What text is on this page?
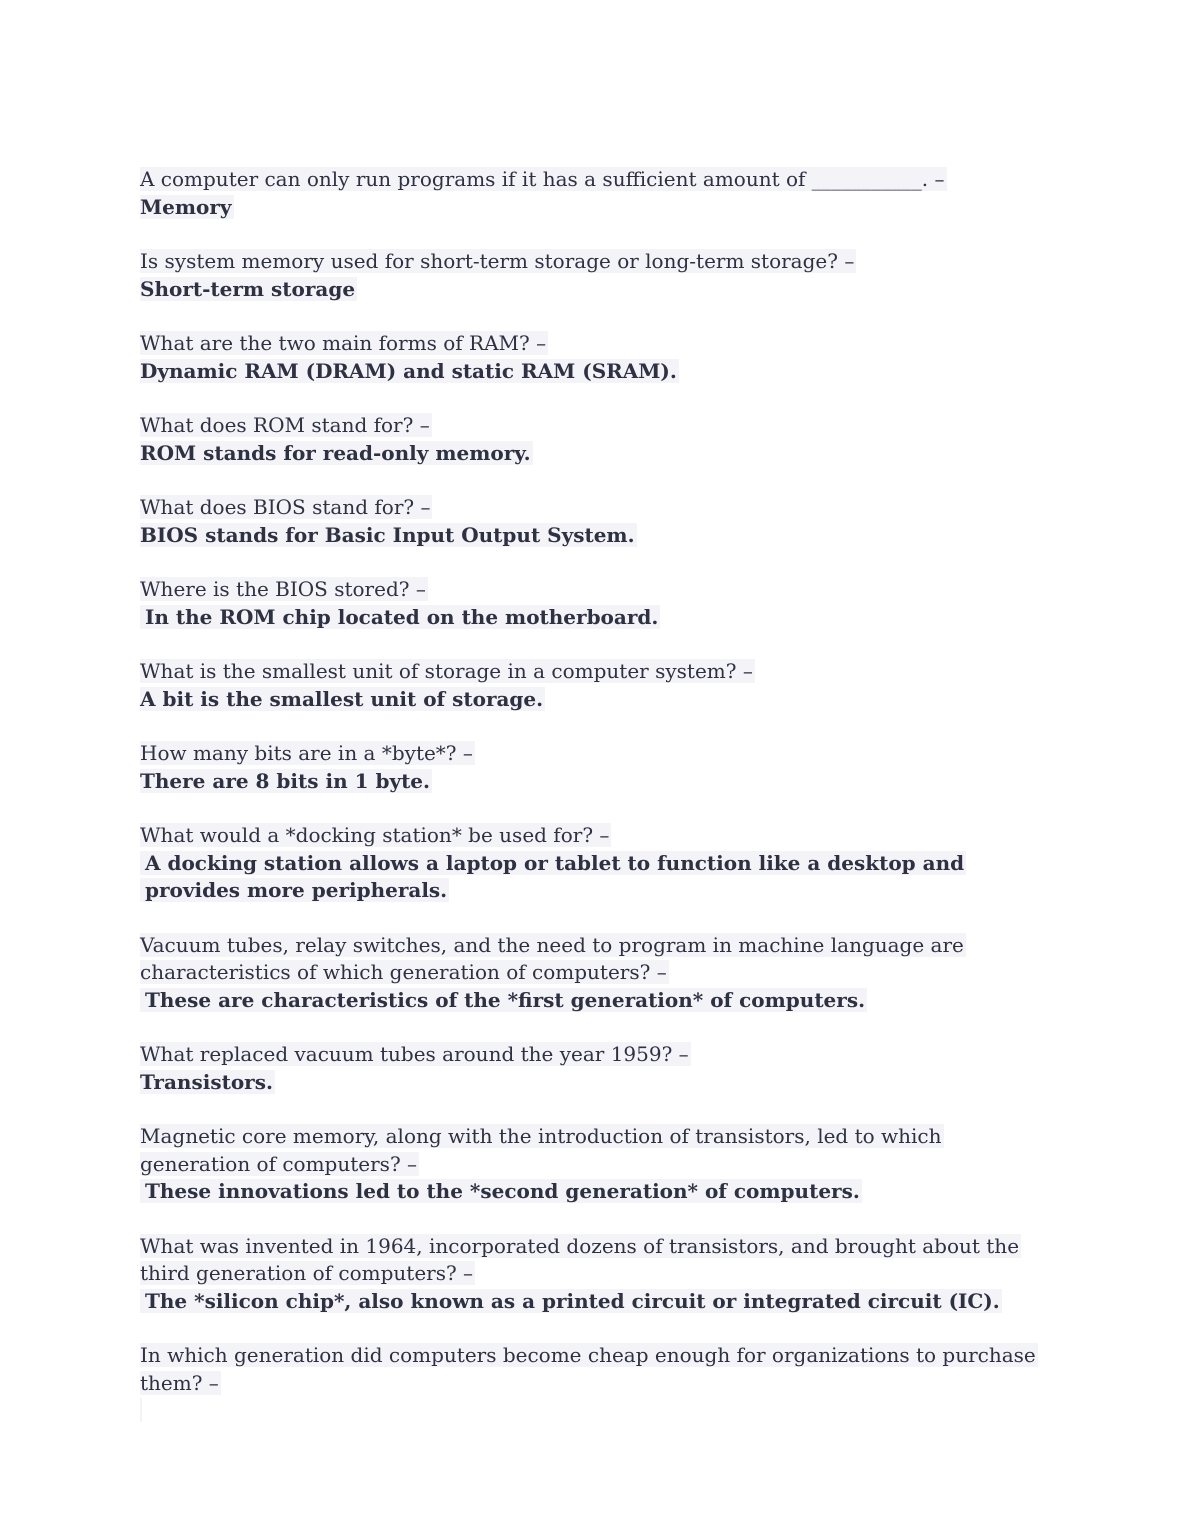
A computer can only run programs if it has a sufficient amount of ___________. –
Memory
Is system memory used for short-term storage or long-term storage? –
Short-term storage
What are the two main forms of RAM? –
Dynamic RAM (DRAM) and static RAM (SRAM).
What does ROM stand for? –
ROM stands for read-only memory.
What does BIOS stand for? –
BIOS stands for Basic Input Output System.
Where is the BIOS stored? –
In the ROM chip located on the motherboard.
What is the smallest unit of storage in a computer system? –
A bit is the smallest unit of storage.
How many bits are in a *byte*? –
There are 8 bits in 1 byte.
What would a *docking station* be used for? –
A docking station allows a laptop or tablet to function like a desktop and provides more peripherals.
Vacuum tubes, relay switches, and the need to program in machine language are characteristics of which generation of computers? –
These are characteristics of the *first generation* of computers.
What replaced vacuum tubes around the year 1959? –
Transistors.
Magnetic core memory, along with the introduction of transistors, led to which generation of computers? –
These innovations led to the *second generation* of computers.
What was invented in 1964, incorporated dozens of transistors, and brought about the third generation of computers? –
The *silicon chip*, also known as a printed circuit or integrated circuit (IC).
In which generation did computers become cheap enough for organizations to purchase them? –
